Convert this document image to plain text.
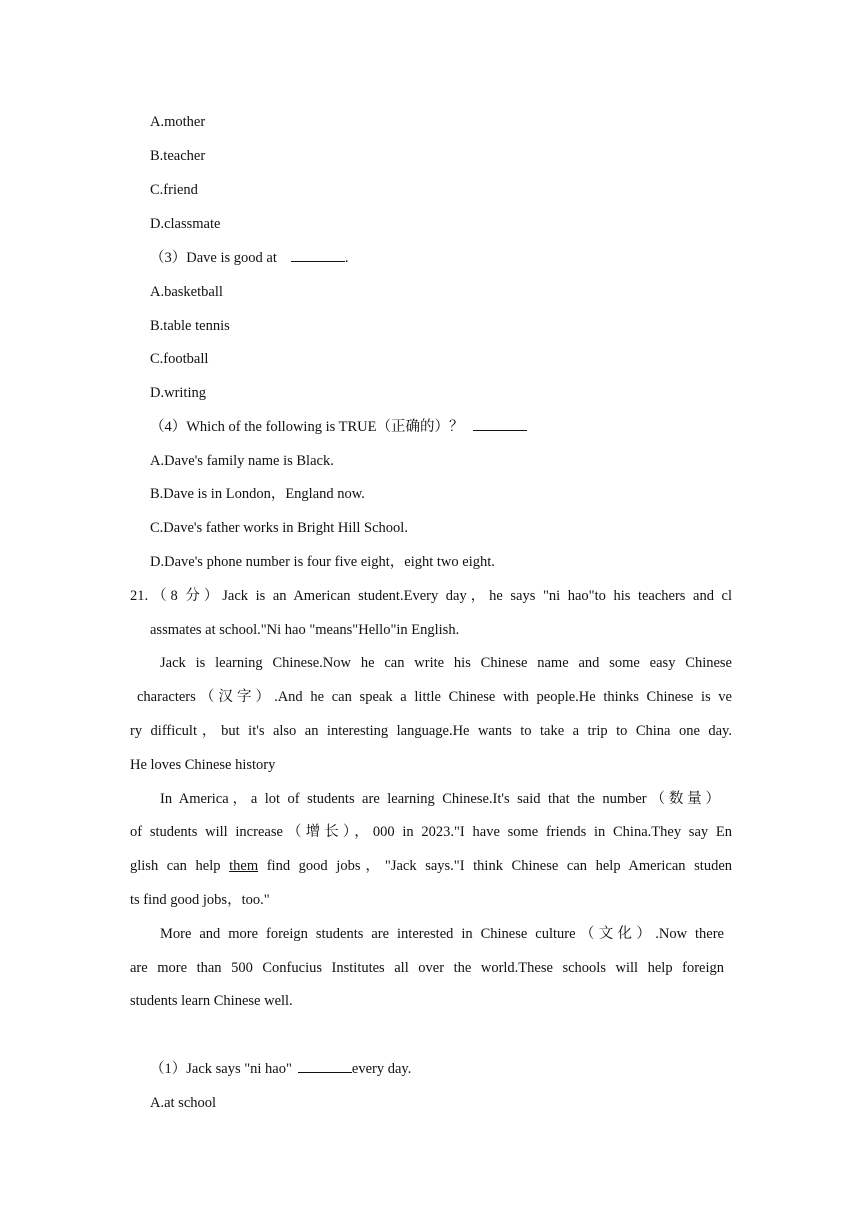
A.mother
B.teacher
C.friend
D.classmate
（3）Dave is good at	.
A.basketball
B.table tennis
C.football
D.writing
（4）Which of the following is TRUE（正确的）？
A.Dave's family name is Black.
B.Dave is in London，England now.
C.Dave's father works in Bright Hill School.
D.Dave's phone number is four five eight，eight two eight.
21.（8 分）Jack is an American student.Every day，he says "ni hao"to his teachers and cl
assmates at school."Ni hao "means"Hello"in English.
Jack is learning Chinese.Now he can write his Chinese name and some easy Chinese
characters（汉字）.And he can speak a little Chinese with people.He thinks Chinese is ve
ry difficult，but it's also an interesting language.He wants to take a trip to China one day.
He loves Chinese history
In America，a lot of students are learning Chinese.It's said that the number（数量）
of students will increase（增长），000 in 2023."I have some friends in China.They say En
glish can help them find good jobs，"Jack says."I think Chinese can help American studen
ts find good jobs，too."
More and more foreign students are interested in Chinese culture（文化）.Now there
are more than 500 Confucius Institutes all over the world.These schools will help foreign
students learn Chinese well.
（1）Jack says "ni hao"	every day.
A.at school
